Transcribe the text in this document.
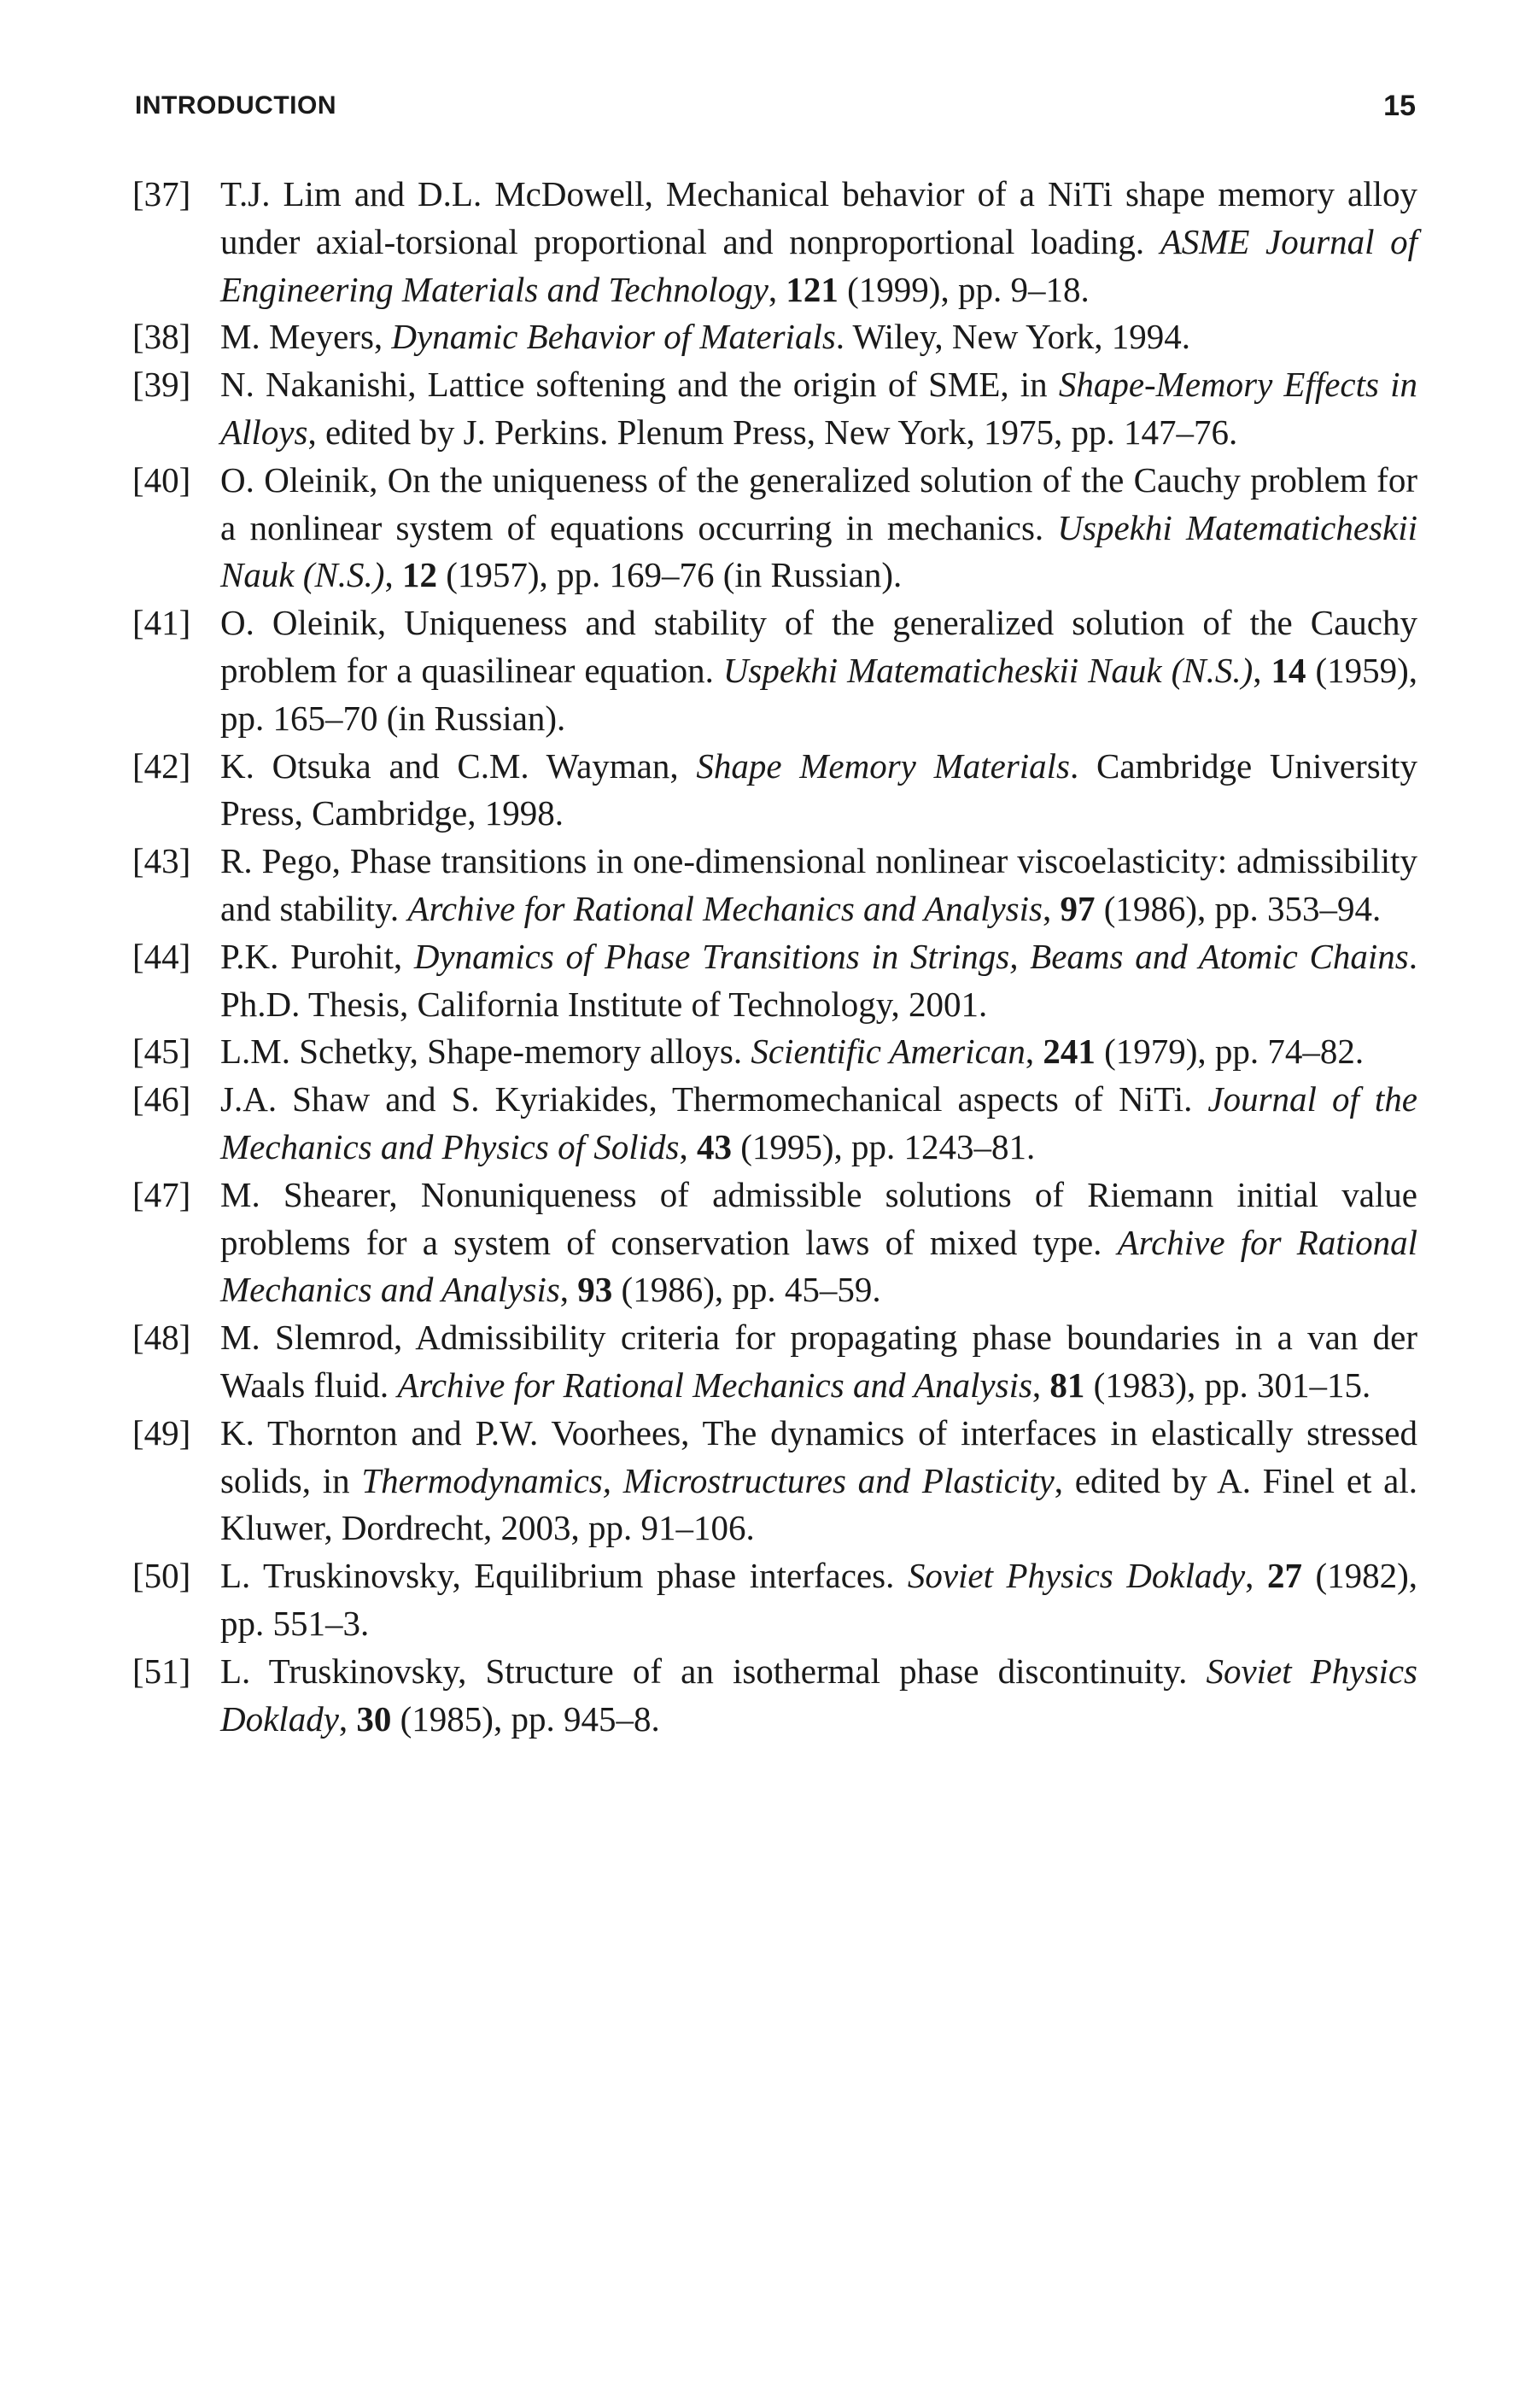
INTRODUCTION	15
[37] T.J. Lim and D.L. McDowell, Mechanical behavior of a NiTi shape memory alloy under axial-torsional proportional and nonproportional loading. ASME Journal of Engineering Materials and Technology, 121 (1999), pp. 9–18.
[38] M. Meyers, Dynamic Behavior of Materials. Wiley, New York, 1994.
[39] N. Nakanishi, Lattice softening and the origin of SME, in Shape-Memory Effects in Alloys, edited by J. Perkins. Plenum Press, New York, 1975, pp. 147–76.
[40] O. Oleinik, On the uniqueness of the generalized solution of the Cauchy problem for a nonlinear system of equations occurring in mechanics. Uspekhi Matematicheskii Nauk (N.S.), 12 (1957), pp. 169–76 (in Russian).
[41] O. Oleinik, Uniqueness and stability of the generalized solution of the Cauchy problem for a quasilinear equation. Uspekhi Matematicheskii Nauk (N.S.), 14 (1959), pp. 165–70 (in Russian).
[42] K. Otsuka and C.M. Wayman, Shape Memory Materials. Cambridge University Press, Cambridge, 1998.
[43] R. Pego, Phase transitions in one-dimensional nonlinear viscoelasticity: admissibility and stability. Archive for Rational Mechanics and Analysis, 97 (1986), pp. 353–94.
[44] P.K. Purohit, Dynamics of Phase Transitions in Strings, Beams and Atomic Chains. Ph.D. Thesis, California Institute of Technology, 2001.
[45] L.M. Schetky, Shape-memory alloys. Scientific American, 241 (1979), pp. 74–82.
[46] J.A. Shaw and S. Kyriakides, Thermomechanical aspects of NiTi. Journal of the Mechanics and Physics of Solids, 43 (1995), pp. 1243–81.
[47] M. Shearer, Nonuniqueness of admissible solutions of Riemann initial value problems for a system of conservation laws of mixed type. Archive for Rational Mechanics and Analysis, 93 (1986), pp. 45–59.
[48] M. Slemrod, Admissibility criteria for propagating phase boundaries in a van der Waals fluid. Archive for Rational Mechanics and Analysis, 81 (1983), pp. 301–15.
[49] K. Thornton and P.W. Voorhees, The dynamics of interfaces in elastically stressed solids, in Thermodynamics, Microstructures and Plasticity, edited by A. Finel et al. Kluwer, Dordrecht, 2003, pp. 91–106.
[50] L. Truskinovsky, Equilibrium phase interfaces. Soviet Physics Doklady, 27 (1982), pp. 551–3.
[51] L. Truskinovsky, Structure of an isothermal phase discontinuity. Soviet Physics Doklady, 30 (1985), pp. 945–8.
